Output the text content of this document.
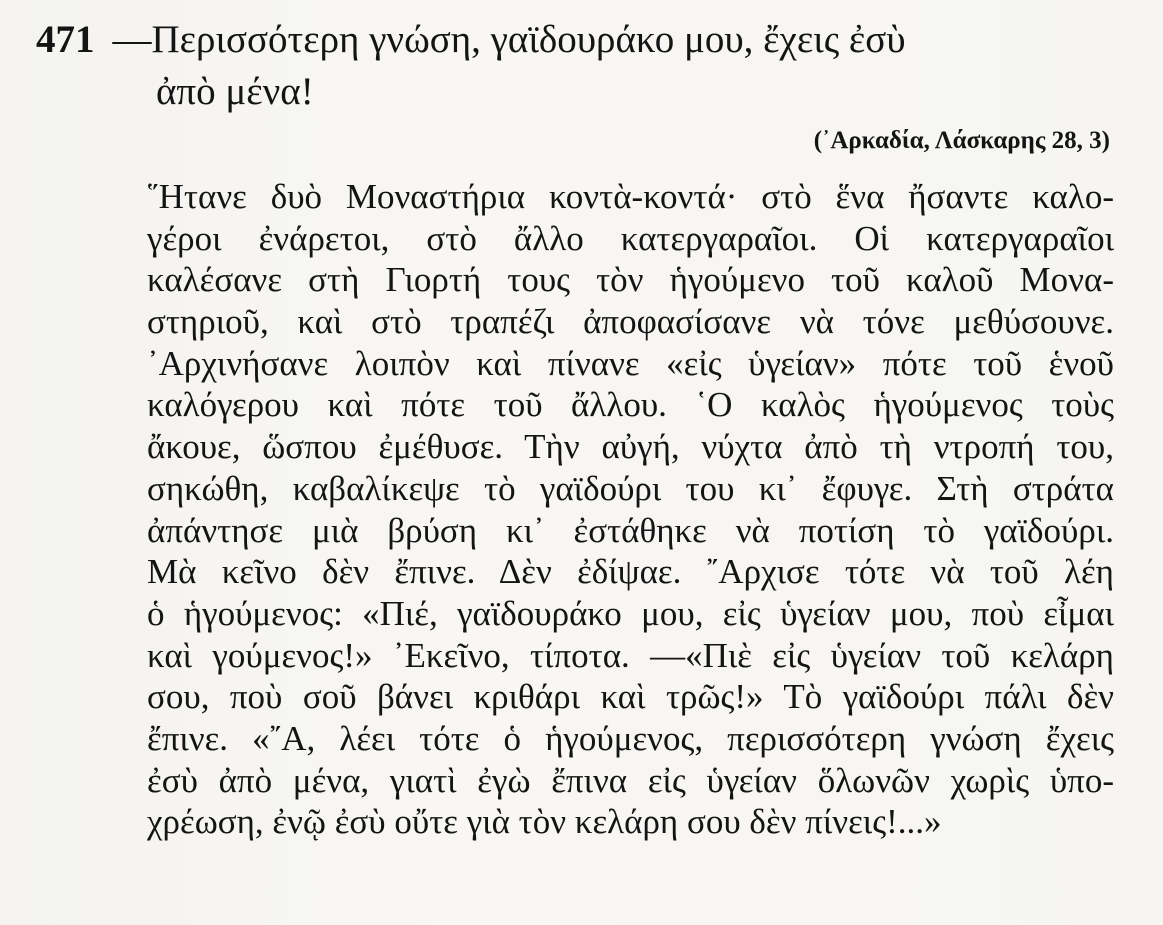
471 —Περισσότερη γνώση, γαϊδουράκο μου, ἔχεις ἐσὺ
ἀπὸ μένα!
(᾽Αρκαδία, Λάσκαρης 28, 3)
῞Ητανε δυὸ Μοναστήρια κοντὰ-κοντά· στὸ ἕνα ἤσαντε καλο-
γέροι ἐνάρετοι, στὸ ἄλλο κατεργαραῖοι. Οἱ κατεργαραῖοι
καλέσανε στὴ Γιορτή τους τὸν ἡγούμενο τοῦ καλοῦ Μονα-
στηριοῦ, καὶ στὸ τραπέζι ἀποφασίσανε νὰ τόνε μεθύσουνε.
᾽Αρχινήσανε λοιπὸν καὶ πίνανε «εἰς ὑγείαν» πότε τοῦ ἑνοῦ
καλόγερου καὶ πότε τοῦ ἄλλου. ῾Ο καλὸς ἡγούμενος τοὺς
ἄκουε, ὥσπου ἐμέθυσε. Τὴν αὐγή, νύχτα ἀπὸ τὴ ντροπή του,
σηκώθη, καβαλίκεψε τὸ γαϊδούρι του κι᾽ ἔφυγε. Στὴ στράτα
ἀπάντησε μιὰ βρύση κι᾽ ἐστάθηκε νὰ ποτίση τὸ γαϊδούρι.
Μὰ κεῖνο δὲν ἔπινε. Δὲν ἐδίψαε. ῎Αρχισε τότε νὰ τοῦ λέη
ὁ ἡγούμενος: «Πιέ, γαϊδουράκο μου, εἰς ὑγείαν μου, ποὺ εἶμαι
καὶ γούμενος!» ᾽Εκεῖνο, τίποτα. —«Πιὲ εἰς ὑγείαν τοῦ κελάρη
σου, ποὺ σοῦ βάνει κριθάρι καὶ τρῶς!» Τὸ γαϊδούρι πάλι δὲν
ἔπινε. «῎Α, λέει τότε ὁ ἡγούμενος, περισσότερη γνώση ἔχεις
ἐσὺ ἀπὸ μένα, γιατὶ ἐγὼ ἔπινα εἰς ὑγείαν ὅλωνῶν χωρὶς ὑπο-
χρέωση, ἐνῷ ἐσὺ οὔτε γιὰ τὸν κελάρη σου δὲν πίνεις!...»
